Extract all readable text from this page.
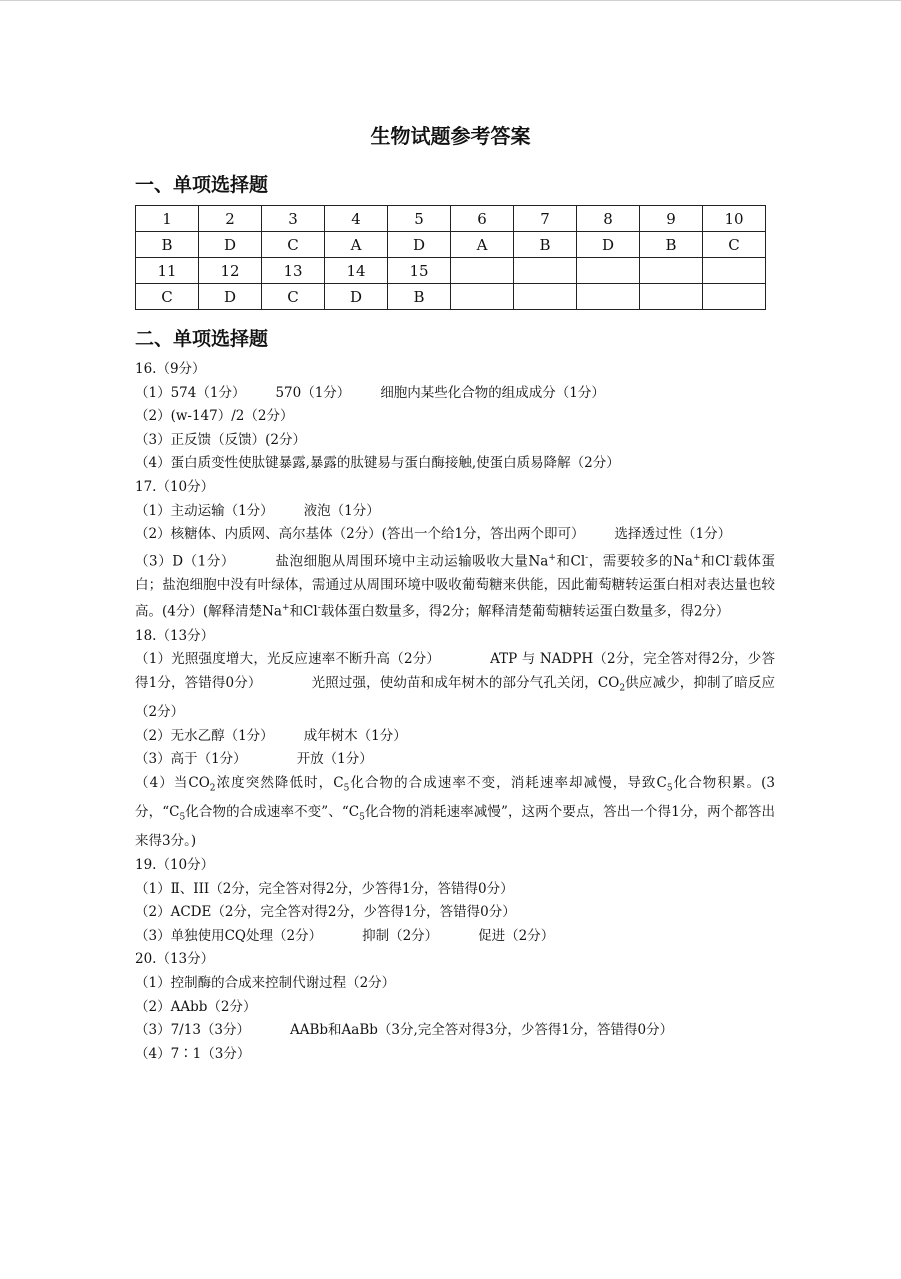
生物试题参考答案
一、单项选择题
1	2	3	4	5	6	7	8	9	10
B	D	C	A	D	A	B	D	B	C
11	12	13	14	15					
C	D	C	D	B					
二、单项选择题
16.（9分）
（1）574（1分） 570（1分） 细胞内某些化合物的组成成分（1分）
（2）(w-147）/2（2分）
（3）正反馈（反馈）(2分）
（4）蛋白质变性使肽键暴露,暴露的肽键易与蛋白酶接触,使蛋白质易降解（2分）
17.（10分）
（1）主动运输（1分） 液泡（1分）
（2）核糖体、内质网、高尔基体（2分）(答出一个给1分，答出两个即可） 选择透过性（1分）
（3）D（1分）	盐泡细胞从周围环境中主动运输吸收大量Na+和Cl-，需要较多的Na+和Cl-载体蛋白；盐泡细胞中没有叶绿体，需通过从周围环境中吸收葡萄糖来供能，因此葡萄糖转运蛋白相对表达量也较高。(4分）(解释清楚Na+和Cl-载体蛋白数量多，得2分；解释清楚葡萄糖转运蛋白数量多，得2分）
18.（13分）
（1）光照强度增大，光反应速率不断升高（2分）	ATP 与 NADPH（2分，完全答对得2分，少答得1分，答错得0分）	光照过强，使幼苗和成年树木的部分气孔关闭，$CO_2$供应减少，抑制了暗反应（2分）
（2）无水乙醇（1分） 成年树木（1分）
（3）高于（1分）	开放（1分）
（4）当$CO_2$浓度突然降低时，$C_5$化合物的合成速率不变，消耗速率却减慢，导致$C_5$化合物积累。(3分，“$C_5$化合物的合成速率不变”、“$C_5$化合物的消耗速率减慢”，这两个要点，答出一个得1分，两个都答出来得3分。)
19.（10分）
（1）Ⅱ、III（2分，完全答对得2分，少答得1分，答错得0分）
（2）ACDE（2分，完全答对得2分，少答得1分，答错得0分）
（3）单独使用CQ处理（2分）	抑制（2分）	促进（2分）
20.（13分）
（1）控制酶的合成来控制代谢过程（2分）
（2）AAbb（2分）
（3）7/13（3分）	AABb和AaBb（3分,完全答对得3分，少答得1分，答错得0分）
（4）7∶1（3分）
